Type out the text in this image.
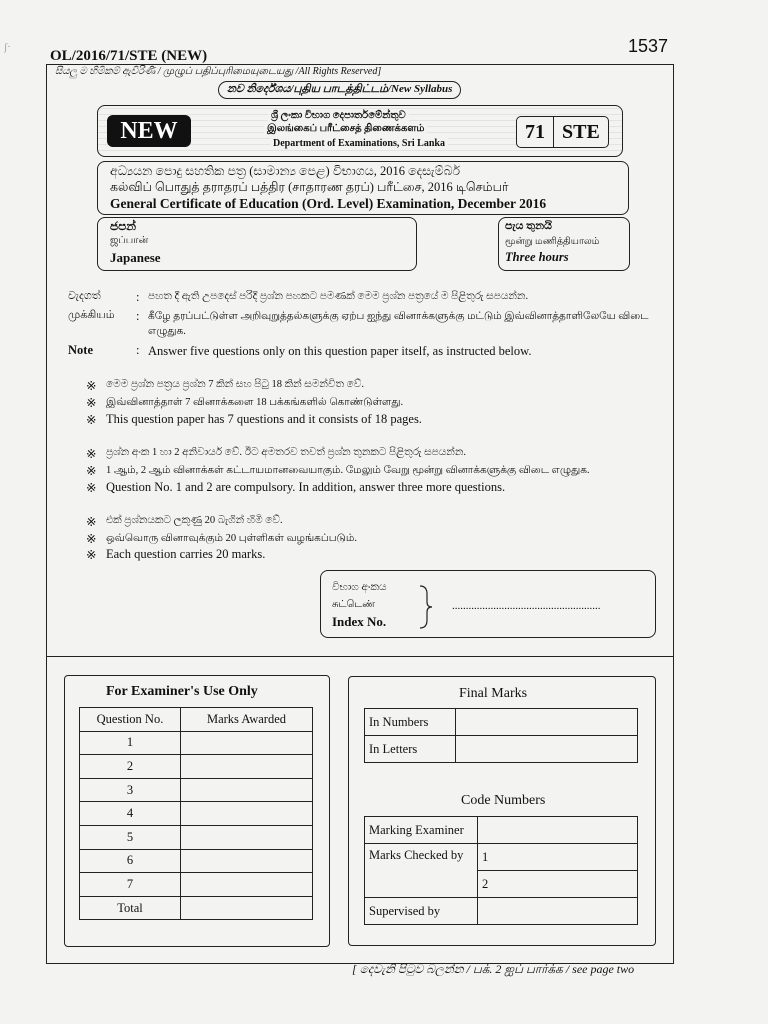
ʃ·	1537
OL/2016/71/STE (NEW)
සියලු ම හිමිකම් ඇවිරිණි / முழுப் பதிப்புரிமையுடையது /All Rights Reserved]
නව නිර්දේශය/புதிய பாடத்திட்டம்/New Syllabus
NEW
ශ්‍රී ලංකා විභාග දෙපාර්තමේන්තුව
இலங்கைப் பரீட்சைத் திணைக்களம்
Department of Examinations, Sri Lanka
71 STE
අධ්‍යයන පොදු සහතික පත්‍ර (සාමාන්‍ය පෙළ) විභාගය, 2016 දෙසැම්බර්
கல்விப் பொதுத் தராதரப் பத்திர (சாதாரண தரப்) பரீட்சை, 2016 டிசெம்பர்
General Certificate of Education (Ord. Level) Examination, December 2016
ජපන්
ஜப்பான்
Japanese
පැය තුනයි
மூன்று மணித்தியாலம்
Three hours
වැදගත්	: පහත දී ඇති උපදෙස් පරිදි ප්‍රශ්න පහකට පමණක් මෙම ප්‍රශ්න පත්‍රයේ ම පිළිතුරු සපයන්න.
முக்கியம் : கீழே தரப்பட்டுள்ள அறிவுறுத்தல்களுக்கு ஏற்ப ஐந்து வினாக்களுக்கு மட்டும் இவ்வினாத்தாளிலேயே விடை எழுதுக.
Note	: Answer five questions only on this question paper itself, as instructed below.
※ මෙම ප්‍රශ්න පත්‍රය ප්‍රශ්න 7 කින් සහ පිටු 18 කින් සමන්විත වේ.
※ இவ்வினாத்தாள் 7 வினாக்களை 18 பக்கங்களில் கொண்டுள்ளது.
※ This question paper has 7 questions and it consists of 18 pages.
※ ප්‍රශ්න අංක 1 හා 2 අනිවාර්ය වේ. ඊට අමතරව තවත් ප්‍රශ්න තුනකට පිළිතුරු සපයන්න.
※ 1 ஆம், 2 ஆம் வினாக்கள் கட்டாயமானவையாகும். மேலும் வேறு மூன்று வினாக்களுக்கு விடை எழுதுக.
※ Question No. 1 and 2 are compulsory. In addition, answer three more questions.
※ එක් ප්‍රශ්නයකට ලකුණු 20 බැගින් හිමි වේ.
※ ஒவ்வொரு வினாவுக்கும் 20 புள்ளிகள் வழங்கப்படும்.
※ Each question carries 20 marks.
විභාග අංකය
சுட்டெண்
Index No.
......................................................
For Examiner's Use Only
Question No.	Marks Awarded
1	
2	
3	
4	
5	
6	
7	
Total	
Final Marks
In Numbers	
In Letters	
Code Numbers
Marking Examiner	
Marks Checked by	1
	2
Supervised by	
[ දෙවැනි පිටුව බලන්න / பக். 2 ஐப் பார்க்க / see page two
